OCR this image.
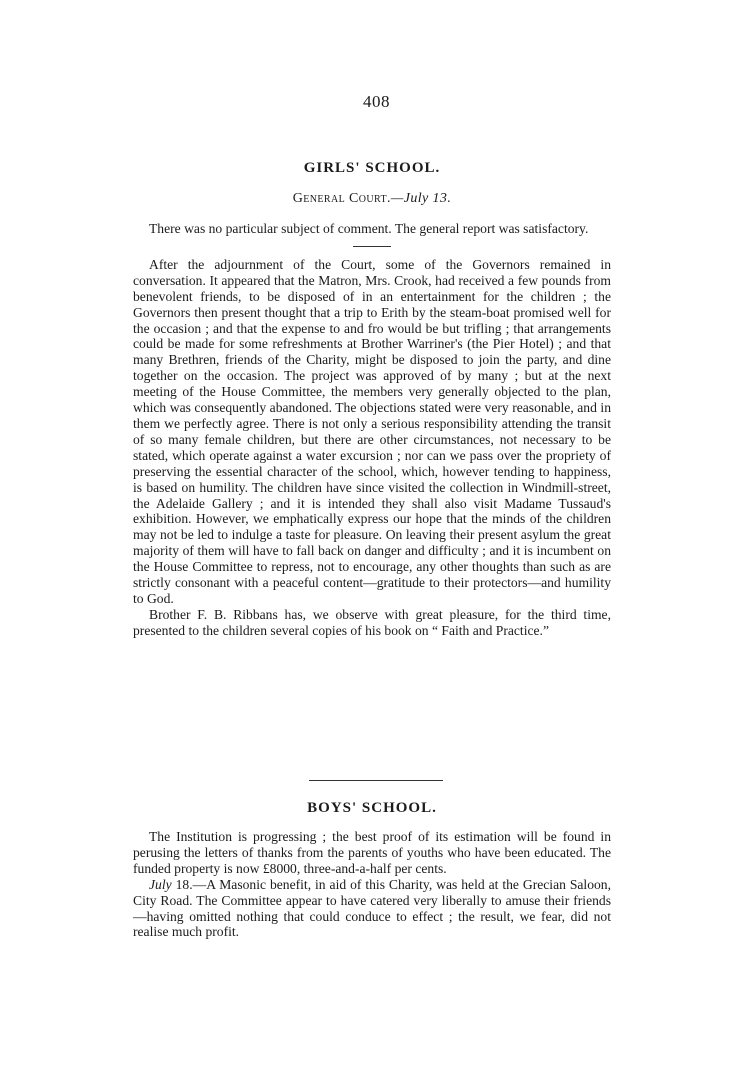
408
GIRLS' SCHOOL.
General Court.—July 13.

There was no particular subject of comment. The general report was satisfactory.

After the adjournment of the Court, some of the Governors remained in conversation. It appeared that the Matron, Mrs. Crook, had received a few pounds from benevolent friends, to be disposed of in an entertainment for the children ; the Governors then present thought that a trip to Erith by the steam-boat promised well for the occasion ; and that the expense to and fro would be but trifling ; that arrangements could be made for some refreshments at Brother Warriner's (the Pier Hotel) ; and that many Brethren, friends of the Charity, might be disposed to join the party, and dine together on the occasion. The project was approved of by many ; but at the next meeting of the House Committee, the members very generally objected to the plan, which was consequently abandoned. The objections stated were very reasonable, and in them we perfectly agree. There is not only a serious responsibility attending the transit of so many female children, but there are other circumstances, not necessary to be stated, which operate against a water excursion ; nor can we pass over the propriety of preserving the essential character of the school, which, however tending to happiness, is based on humility. The children have since visited the collection in Windmill-street, the Adelaide Gallery ; and it is intended they shall also visit Madame Tussaud's exhibition. However, we emphatically express our hope that the minds of the children may not be led to indulge a taste for pleasure. On leaving their present asylum the great majority of them will have to fall back on danger and difficulty ; and it is incumbent on the House Committee to repress, not to encourage, any other thoughts than such as are strictly consonant with a peaceful content—gratitude to their protectors—and humility to God.

Brother F. B. Ribbans has, we observe with great pleasure, for the third time, presented to the children several copies of his book on “ Faith and Practice.”

BOYS' SCHOOL.

The Institution is progressing ; the best proof of its estimation will be found in perusing the letters of thanks from the parents of youths who have been educated. The funded property is now £8000, three-and-a-half per cents.

July 18.—A Masonic benefit, in aid of this Charity, was held at the Grecian Saloon, City Road. The Committee appear to have catered very liberally to amuse their friends—having omitted nothing that could conduce to effect ; the result, we fear, did not realise much profit.
